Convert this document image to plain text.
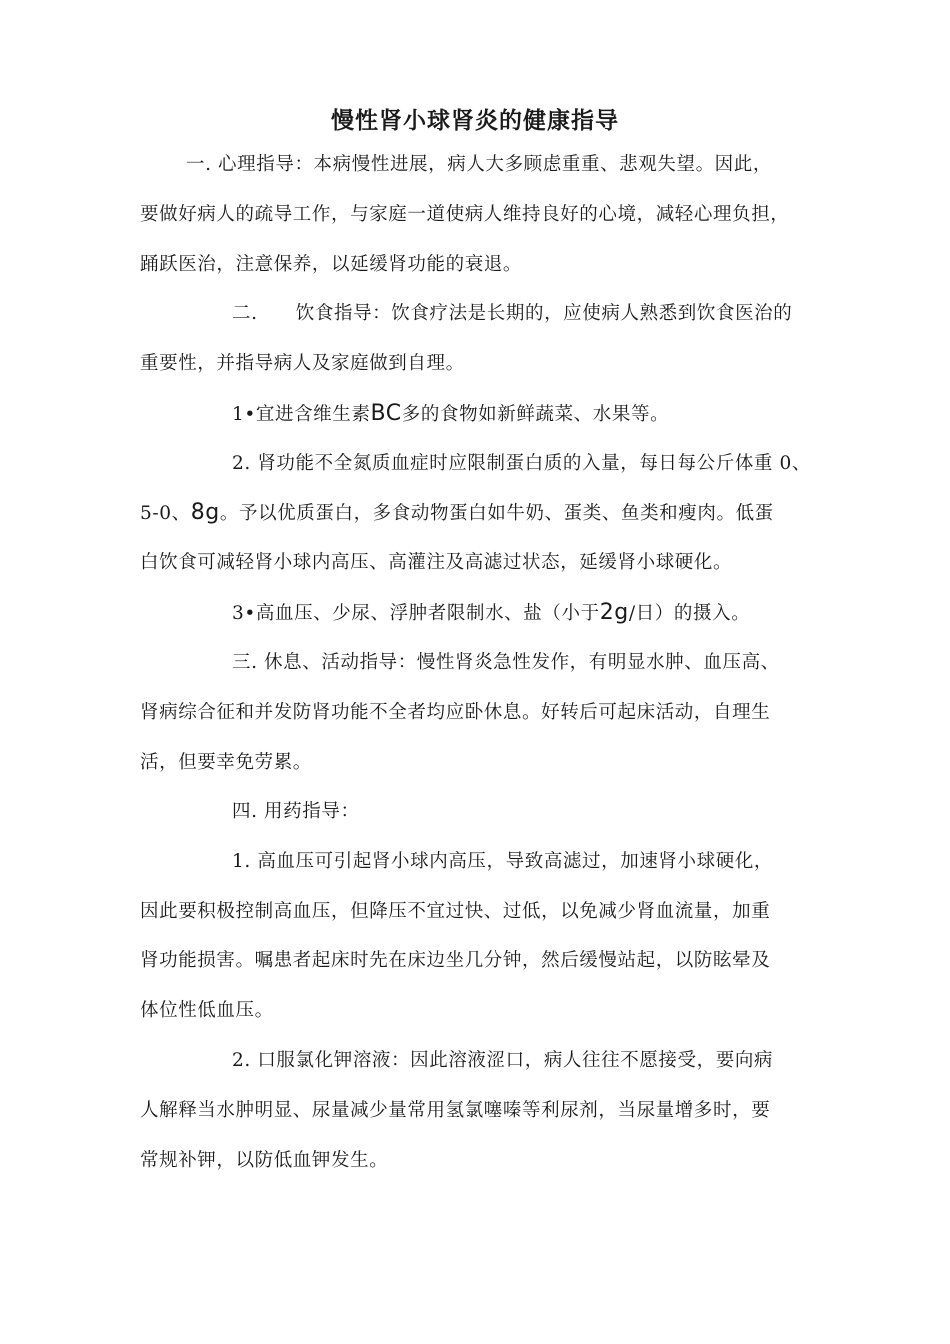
慢性肾小球肾炎的健康指导
一. 心理指导：本病慢性进展，病人大多顾虑重重、悲观失望。因此，
要做好病人的疏导工作，与家庭一道使病人维持良好的心境，减轻心理负担，
踊跃医治，注意保养，以延缓肾功能的衰退。
二.　　饮食指导：饮食疗法是长期的，应使病人熟悉到饮食医治的
重要性，并指导病人及家庭做到自理。
1•宜进含维生素BC多的食物如新鲜蔬菜、水果等。
2. 肾功能不全氮质血症时应限制蛋白质的入量，每日每公斤体重 0、
5-0、8g。予以优质蛋白，多食动物蛋白如牛奶、蛋类、鱼类和瘦肉。低蛋
白饮食可减轻肾小球内高压、高灌注及高滤过状态，延缓肾小球硬化。
3•高血压、少尿、浮肿者限制水、盐（小于2g/日）的摄入。
三. 休息、活动指导：慢性肾炎急性发作，有明显水肿、血压高、
肾病综合征和并发防肾功能不全者均应卧休息。好转后可起床活动，自理生
活，但要幸免劳累。
四. 用药指导：
1. 高血压可引起肾小球内高压，导致高滤过，加速肾小球硬化，
因此要积极控制高血压，但降压不宜过快、过低，以免减少肾血流量，加重
肾功能损害。嘱患者起床时先在床边坐几分钟，然后缓慢站起，以防眩晕及
体位性低血压。
2. 口服氯化钾溶液：因此溶液涩口，病人往往不愿接受，要向病
人解释当水肿明显、尿量减少量常用氢氯噻嗪等利尿剂，当尿量增多时，要
常规补钾，以防低血钾发生。
